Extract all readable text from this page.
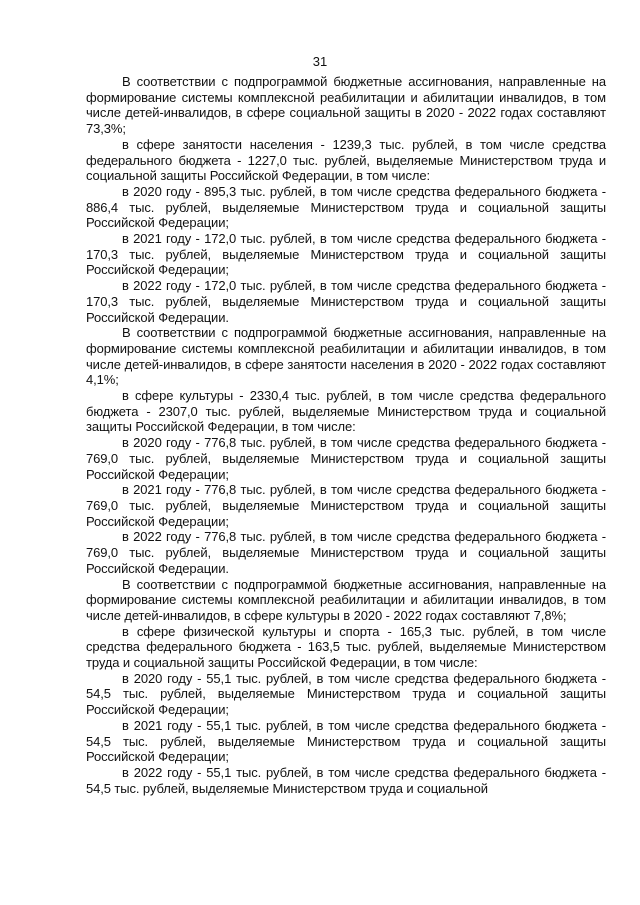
31

В соответствии с подпрограммой бюджетные ассигнования, направленные на формирование системы комплексной реабилитации и абилитации инвалидов, в том числе детей-инвалидов, в сфере социальной защиты в 2020 - 2022 годах составляют 73,3%;

в сфере занятости населения - 1239,3 тыс. рублей, в том числе средства федерального бюджета - 1227,0 тыс. рублей, выделяемые Министерством труда и социальной защиты Российской Федерации, в том числе:

в 2020 году - 895,3 тыс. рублей, в том числе средства федерального бюджета - 886,4 тыс. рублей, выделяемые Министерством труда и социальной защиты Российской Федерации;

в 2021 году - 172,0 тыс. рублей, в том числе средства федерального бюджета - 170,3 тыс. рублей, выделяемые Министерством труда и социальной защиты Российской Федерации;

в 2022 году - 172,0 тыс. рублей, в том числе средства федерального бюджета - 170,3 тыс. рублей, выделяемые Министерством труда и социальной защиты Российской Федерации.

В соответствии с подпрограммой бюджетные ассигнования, направленные на формирование системы комплексной реабилитации и абилитации инвалидов, в том числе детей-инвалидов, в сфере занятости населения в 2020 - 2022 годах составляют 4,1%;

в сфере культуры - 2330,4 тыс. рублей, в том числе средства федерального бюджета - 2307,0 тыс. рублей, выделяемые Министерством труда и социальной защиты Российской Федерации, в том числе:

в 2020 году - 776,8 тыс. рублей, в том числе средства федерального бюджета - 769,0 тыс. рублей, выделяемые Министерством труда и социальной защиты Российской Федерации;

в 2021 году - 776,8 тыс. рублей, в том числе средства федерального бюджета - 769,0 тыс. рублей, выделяемые Министерством труда и социальной защиты Российской Федерации;

в 2022 году - 776,8 тыс. рублей, в том числе средства федерального бюджета - 769,0 тыс. рублей, выделяемые Министерством труда и социальной защиты Российской Федерации.

В соответствии с подпрограммой бюджетные ассигнования, направленные на формирование системы комплексной реабилитации и абилитации инвалидов, в том числе детей-инвалидов, в сфере культуры в 2020 - 2022 годах составляют 7,8%;

в сфере физической культуры и спорта - 165,3 тыс. рублей, в том числе средства федерального бюджета - 163,5 тыс. рублей, выделяемые Министерством труда и социальной защиты Российской Федерации, в том числе:

в 2020 году - 55,1 тыс. рублей, в том числе средства федерального бюджета - 54,5 тыс. рублей, выделяемые Министерством труда и социальной защиты Российской Федерации;

в 2021 году - 55,1 тыс. рублей, в том числе средства федерального бюджета - 54,5 тыс. рублей, выделяемые Министерством труда и социальной защиты Российской Федерации;

в 2022 году - 55,1 тыс. рублей, в том числе средства федерального бюджета - 54,5 тыс. рублей, выделяемые Министерством труда и социальной
